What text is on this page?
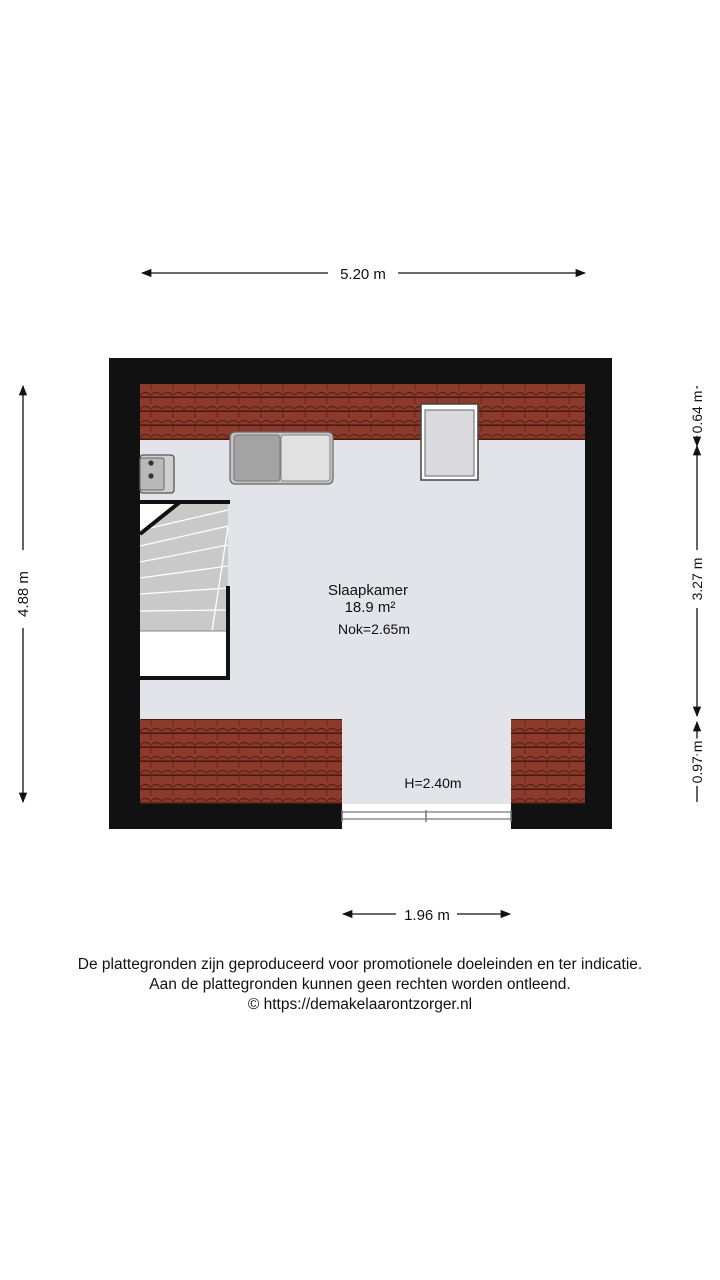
Slaapkamer
18.9 m²
Nok=2.65m
H=2.40m
5.20 m
4.88 m
0.64 m
3.27 m
0.97 m
1.96 m
De plattegronden zijn geproduceerd voor promotionele doeleinden en ter indicatie.
Aan de plattegronden kunnen geen rechten worden ontleend.
© https://demakelaarontzorger.nl
